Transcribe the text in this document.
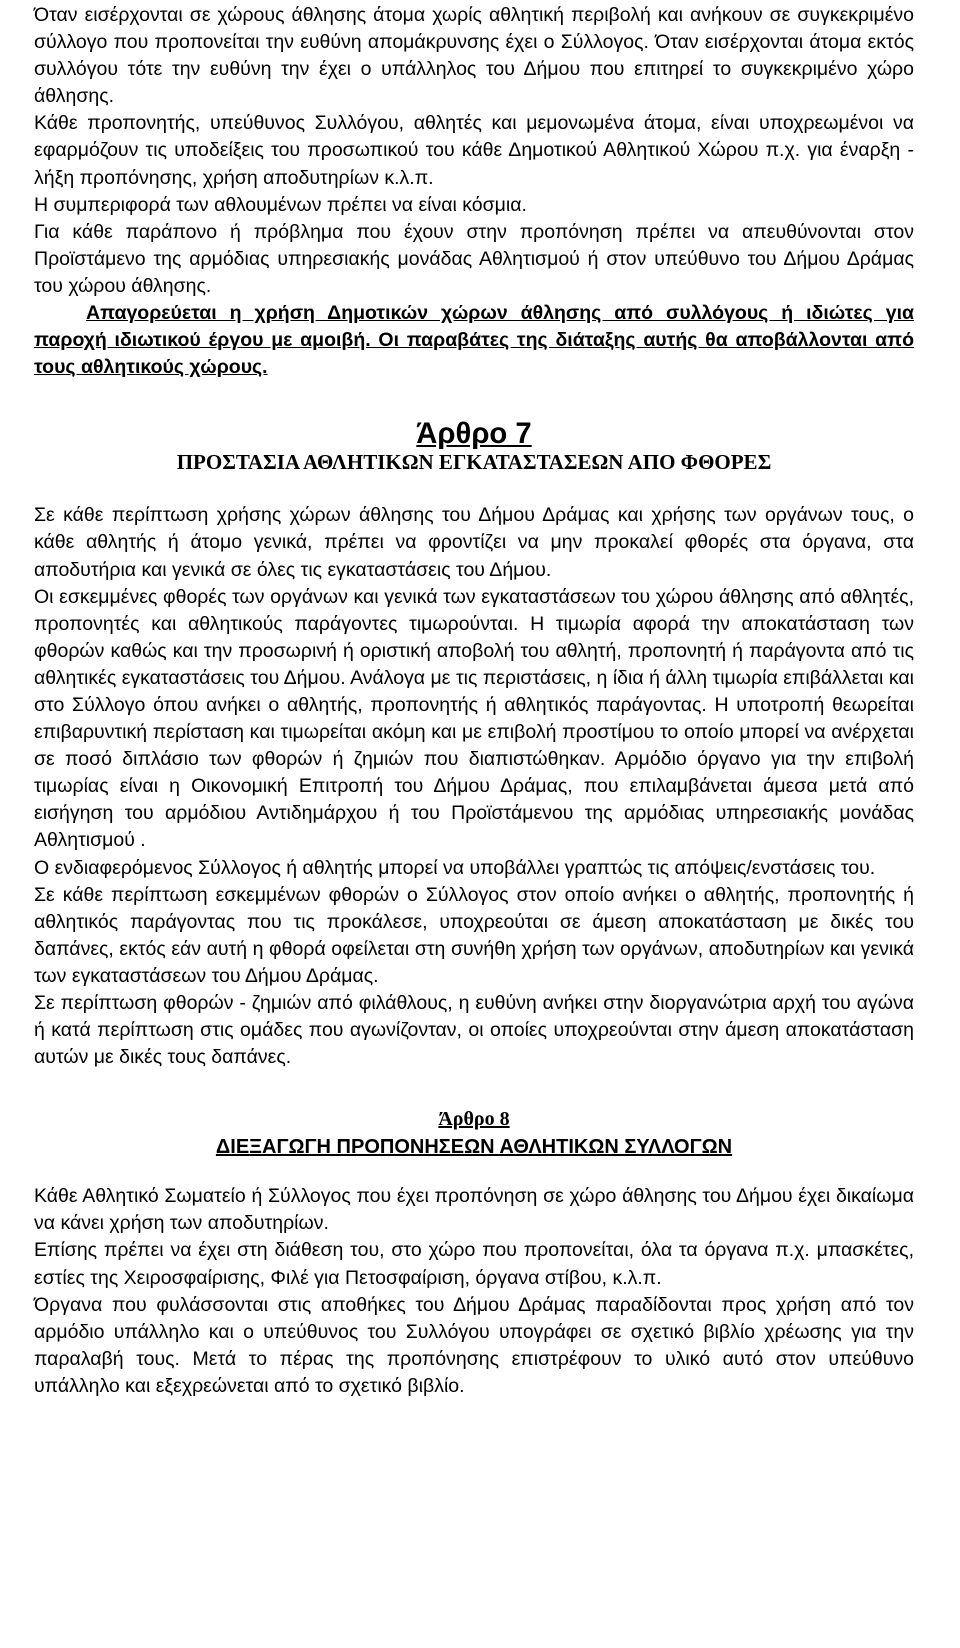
Όταν εισέρχονται σε χώρους άθλησης άτομα χωρίς αθλητική περιβολή και ανήκουν σε συγκεκριμένο σύλλογο που προπονείται την ευθύνη απομάκρυνσης έχει ο Σύλλογος. Όταν εισέρχονται άτομα εκτός συλλόγου τότε την ευθύνη την έχει ο υπάλληλος του Δήμου που επιτηρεί το συγκεκριμένο χώρο άθλησης.

Κάθε προπονητής, υπεύθυνος Συλλόγου, αθλητές και μεμονωμένα άτομα, είναι υποχρεωμένοι να εφαρμόζουν τις υποδείξεις του προσωπικού του κάθε Δημοτικού Αθλητικού Χώρου π.χ. για έναρξη - λήξη προπόνησης, χρήση αποδυτηρίων κ.λ.π.

Η συμπεριφορά των αθλουμένων πρέπει να είναι κόσμια.

Για κάθε παράπονο ή πρόβλημα που έχουν στην προπόνηση πρέπει να απευθύνονται στον Προϊστάμενο της αρμόδιας υπηρεσιακής μονάδας Αθλητισμού ή στον υπεύθυνο του Δήμου Δράμας του χώρου άθλησης.

Απαγορεύεται η χρήση Δημοτικών χώρων άθλησης από συλλόγους ή ιδιώτες για παροχή ιδιωτικού έργου με αμοιβή. Οι παραβάτες της διάταξης αυτής θα αποβάλλονται από τους αθλητικούς χώρους.

Άρθρο 7
ΠΡΟΣΤΑΣΙΑ ΑΘΛΗΤΙΚΩΝ ΕΓΚΑΤΑΣΤΑΣΕΩΝ ΑΠΟ ΦΘΟΡΕΣ

Σε κάθε περίπτωση χρήσης χώρων άθλησης του Δήμου Δράμας και χρήσης των οργάνων τους, ο κάθε αθλητής ή άτομο γενικά, πρέπει να φροντίζει να μην προκαλεί φθορές στα όργανα, στα αποδυτήρια και γενικά σε όλες τις εγκαταστάσεις του Δήμου.

Οι εσκεμμένες φθορές των οργάνων και γενικά των εγκαταστάσεων του χώρου άθλησης από αθλητές, προπονητές και αθλητικούς παράγοντες τιμωρούνται. Η τιμωρία αφορά την αποκατάσταση των φθορών καθώς και την προσωρινή ή οριστική αποβολή του αθλητή, προπονητή ή παράγοντα από τις αθλητικές εγκαταστάσεις του Δήμου. Ανάλογα με τις περιστάσεις, η ίδια ή άλλη τιμωρία επιβάλλεται και στο Σύλλογο όπου ανήκει ο αθλητής, προπονητής ή αθλητικός παράγοντας. Η υποτροπή θεωρείται επιβαρυντική περίσταση και τιμωρείται ακόμη και με επιβολή προστίμου το οποίο μπορεί να ανέρχεται σε ποσό διπλάσιο των φθορών ή ζημιών που διαπιστώθηκαν. Αρμόδιο όργανο για την επιβολή τιμωρίας είναι η Οικονομική Επιτροπή του Δήμου Δράμας, που επιλαμβάνεται άμεσα μετά από εισήγηση του αρμόδιου Αντιδημάρχου ή του Προϊστάμενου της αρμόδιας υπηρεσιακής μονάδας Αθλητισμού .

Ο ενδιαφερόμενος Σύλλογος ή αθλητής μπορεί να υποβάλλει γραπτώς τις απόψεις/ενστάσεις του.

Σε κάθε περίπτωση εσκεμμένων φθορών ο Σύλλογος στον οποίο ανήκει ο αθλητής, προπονητής ή αθλητικός παράγοντας που τις προκάλεσε, υποχρεούται σε άμεση αποκατάσταση με δικές του δαπάνες, εκτός εάν αυτή η φθορά οφείλεται στη συνήθη χρήση των οργάνων, αποδυτηρίων και γενικά των εγκαταστάσεων του Δήμου Δράμας.

Σε περίπτωση φθορών - ζημιών από φιλάθλους, η ευθύνη ανήκει στην διοργανώτρια αρχή του αγώνα ή κατά περίπτωση στις ομάδες που αγωνίζονταν, οι οποίες υποχρεούνται στην άμεση αποκατάσταση αυτών με δικές τους δαπάνες.

Άρθρο 8
ΔΙΕΞΑΓΩΓΗ ΠΡΟΠΟΝΗΣΕΩΝ ΑΘΛΗΤΙΚΩΝ ΣΥΛΛΟΓΩΝ

Κάθε Αθλητικό Σωματείο ή Σύλλογος που έχει προπόνηση σε χώρο άθλησης του Δήμου έχει δικαίωμα να κάνει χρήση των αποδυτηρίων.

Επίσης πρέπει να έχει στη διάθεση του, στο χώρο που προπονείται, όλα τα όργανα π.χ. μπασκέτες, εστίες της Χειροσφαίρισης, Φιλέ για Πετοσφαίριση, όργανα στίβου, κ.λ.π.

Όργανα που φυλάσσονται στις αποθήκες του Δήμου Δράμας παραδίδονται προς χρήση από τον αρμόδιο υπάλληλο και ο υπεύθυνος του Συλλόγου υπογράφει σε σχετικό βιβλίο χρέωσης για την παραλαβή τους. Μετά το πέρας της προπόνησης επιστρέφουν το υλικό αυτό στον υπεύθυνο υπάλληλο και εξεχρεώνεται από το σχετικό βιβλίο.
